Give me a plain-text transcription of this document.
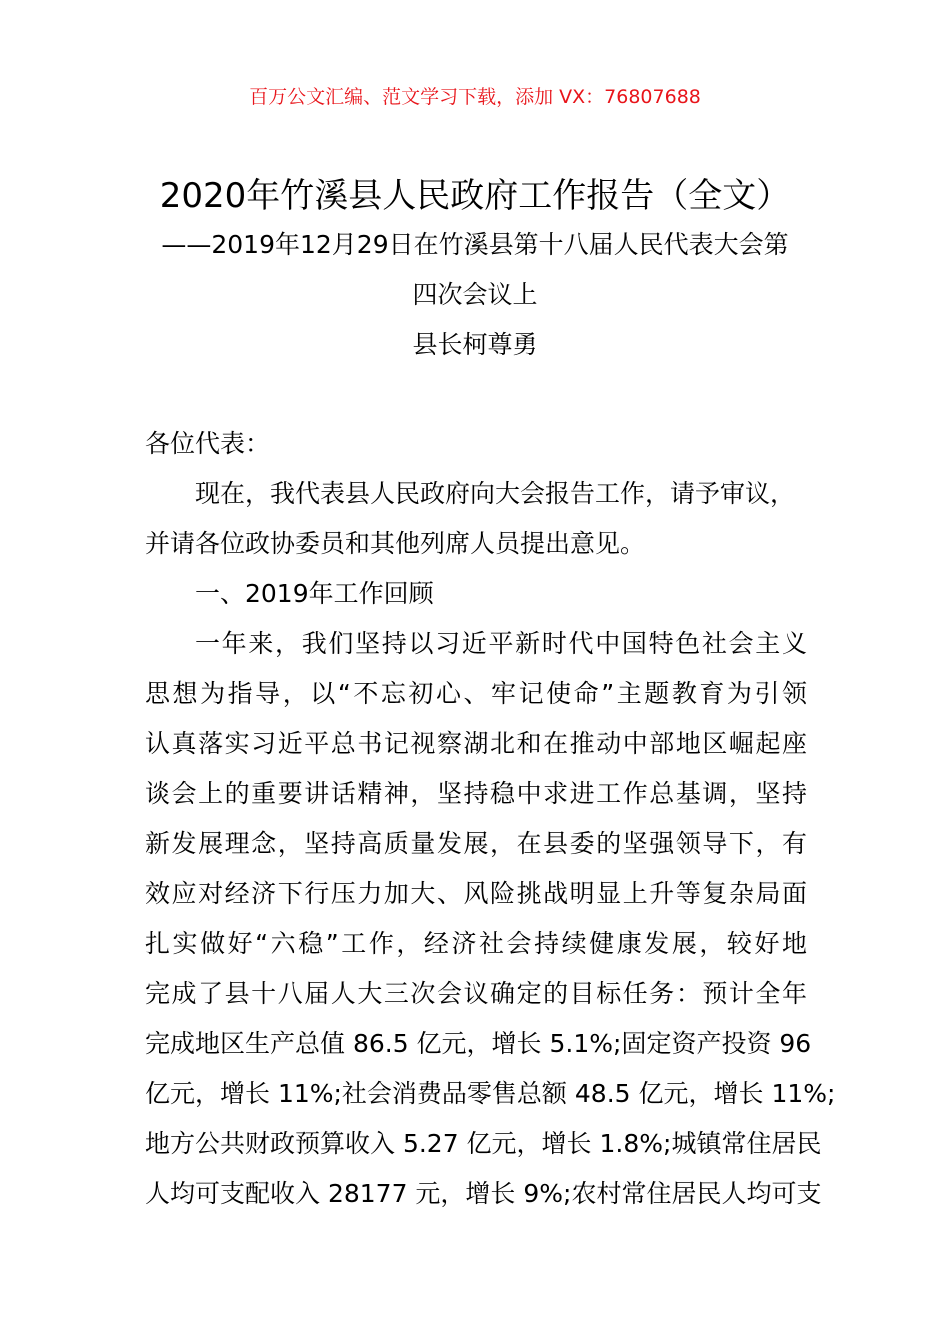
百万公文汇编、范文学习下载，添加 VX：76807688
2020年竹溪县人民政府工作报告（全文）
——2019年12月29日在竹溪县第十八届人民代表大会第
四次会议上
县长柯尊勇
各位代表：
现在，我代表县人民政府向大会报告工作，请予审议，
并请各位政协委员和其他列席人员提出意见。
一、2019年工作回顾
一年来，我们坚持以习近平新时代中国特色社会主义
思想为指导，以“不忘初心、牢记使命”主题教育为引领
认真落实习近平总书记视察湖北和在推动中部地区崛起座
谈会上的重要讲话精神，坚持稳中求进工作总基调，坚持
新发展理念，坚持高质量发展，在县委的坚强领导下，有
效应对经济下行压力加大、风险挑战明显上升等复杂局面
扎实做好“六稳”工作，经济社会持续健康发展，较好地
完成了县十八届人大三次会议确定的目标任务：预计全年
完成地区生产总值 86.5 亿元，增长 5.1%;固定资产投资 96
亿元，增长 11%;社会消费品零售总额 48.5 亿元，增长 11%;
地方公共财政预算收入 5.27 亿元，增长 1.8%;城镇常住居民
人均可支配收入 28177 元，增长 9%;农村常住居民人均可支
